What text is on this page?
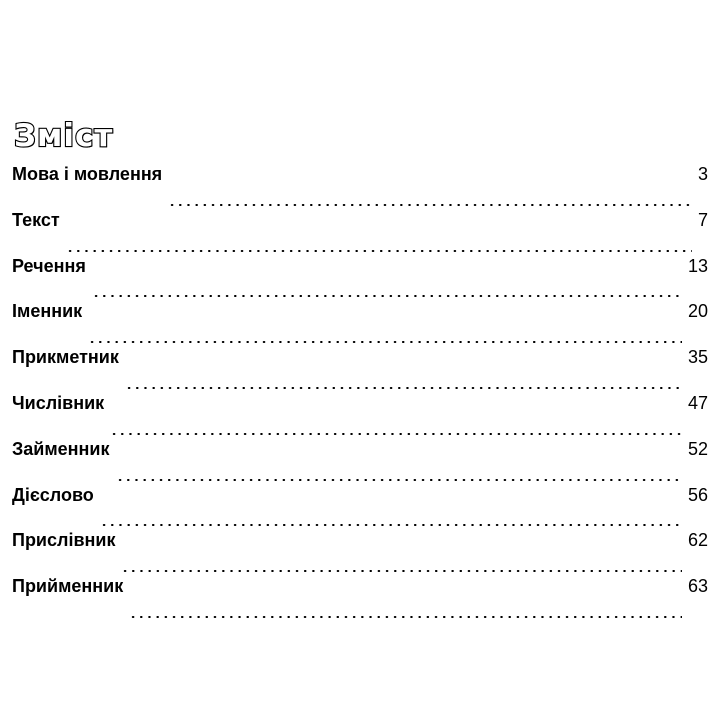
Зміст
Мова і мовлення	3
Текст	7
Речення	13
Іменник	20
Прикметник	35
Числівник	47
Займенник	52
Дієслово	56
Прислівник	62
Прийменник	63
